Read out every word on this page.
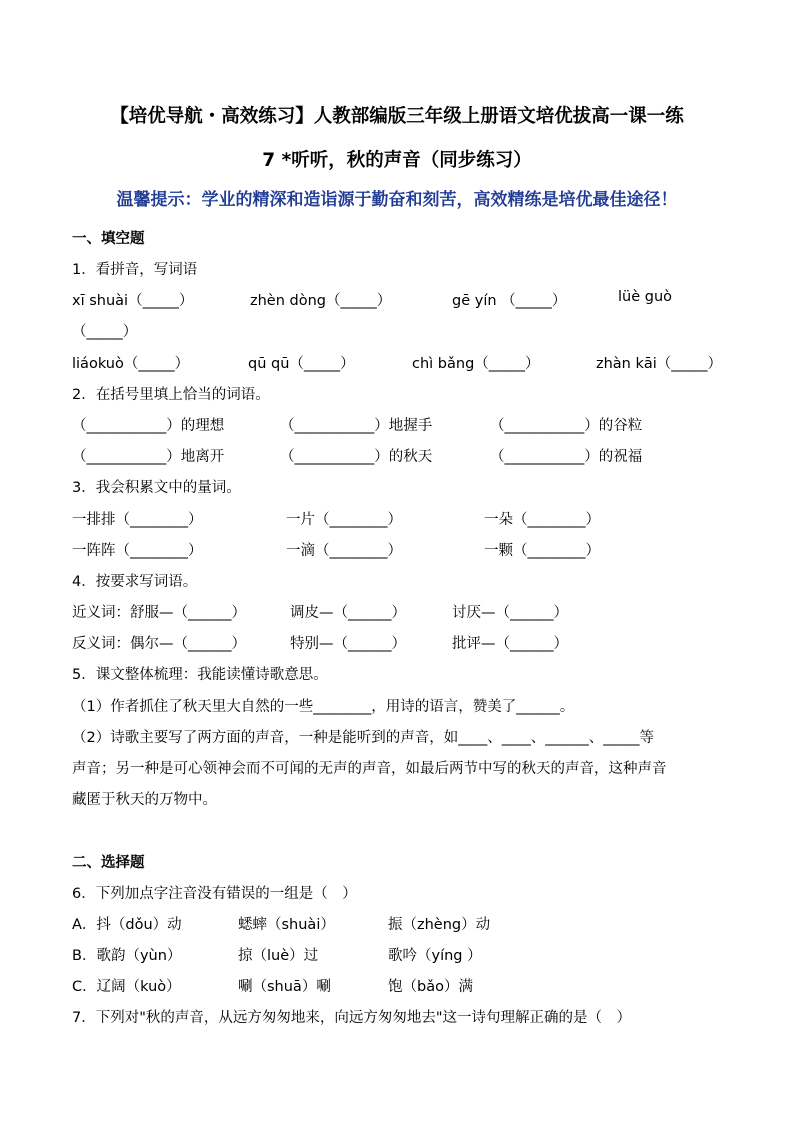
【培优导航・高效练习】人教部编版三年级上册语文培优拔高一课一练
7 *听听，秋的声音（同步练习）
温馨提示：学业的精深和造诣源于勤奋和刻苦，高效精练是培优最佳途径！
一、填空题
1．看拼音，写词语
xī shuài（_____）	zhèn dòng（_____）	gē yín （_____）	lüè guò
（_____）
liáokuò（_____）	qū qū（_____）	chì bǎng（_____）	zhàn kāi（_____）
2．在括号里填上恰当的词语。
（___________）的理想	（___________）地握手	（___________）的谷粒
（___________）地离开	（___________）的秋天	（___________）的祝福
3．我会积累文中的量词。
一排排（________）	一片（________）	一朵（________）
一阵阵（________）	一滴（________）	一颗（________）
4．按要求写词语。
近义词：舒服—（______）	调皮—（______）	讨厌—（______）
反义词：偶尔—（______）	特别—（______）	批评—（______）
5．课文整体梳理：我能读懂诗歌意思。
（1）作者抓住了秋天里大自然的一些________，用诗的语言，赞美了______。
（2）诗歌主要写了两方面的声音，一种是能听到的声音，如____、____、______、_____等
声音；另一种是可心领神会而不可闻的无声的声音，如最后两节中写的秋天的声音，这种声音
藏匿于秋天的万物中。
二、选择题
6．下列加点字注音没有错误的一组是（　）
A．抖（dǒu）动	蟋蟀（shuài）	振（zhèng）动
B．歌韵（yùn）	掠（luè）过	歌吟（yíng ）
C．辽阔（kuò）	唰（shuā）唰	饱（bǎo）满
7．下列对"秋的声音，从远方匆匆地来，向远方匆匆地去"这一诗句理解正确的是（　）
